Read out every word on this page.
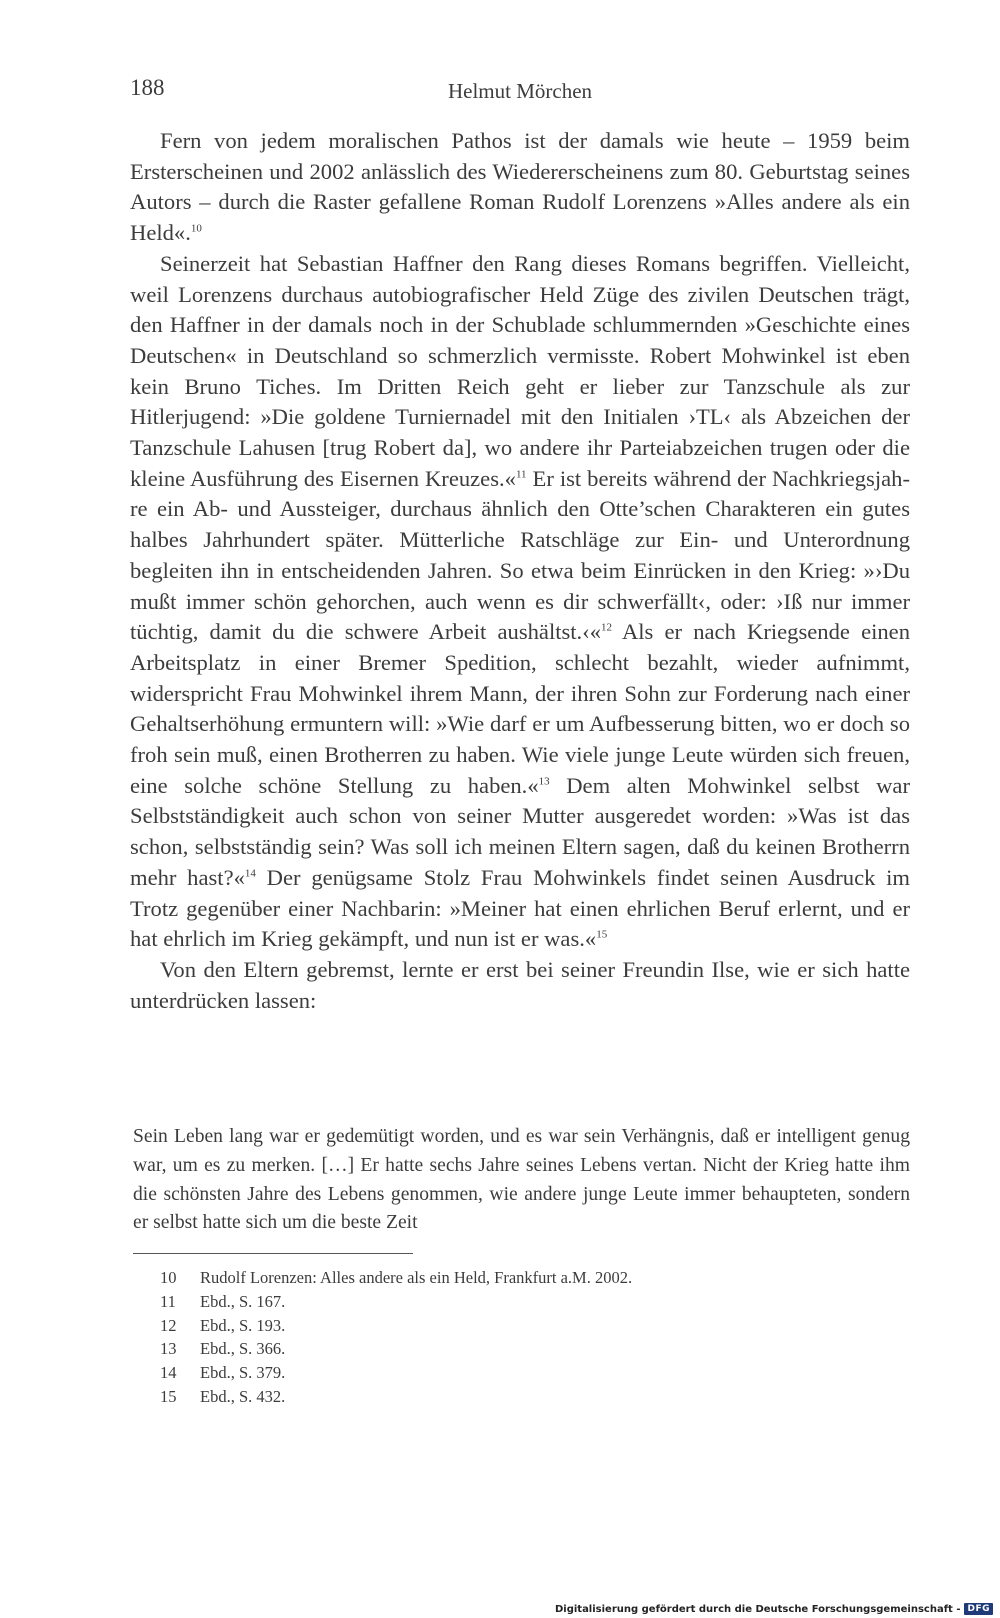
188	Helmut Mörchen

Fern von jedem moralischen Pathos ist der damals wie heute – 1959 beim Ersterscheinen und 2002 anlässlich des Wiedererscheinens zum 80. Geburtstag seines Autors – durch die Raster gefallene Roman Rudolf Lorenzens »Alles andere als ein Held«.$^{10}$

Seinerzeit hat Sebastian Haffner den Rang dieses Romans begriffen. Vielleicht, weil Lorenzens durchaus autobiografischer Held Züge des zivilen Deutschen trägt, den Haffner in der damals noch in der Schublade schlummernden »Geschichte eines Deutschen« in Deutschland so schmerzlich vermisste. Robert Mohwinkel ist eben kein Bruno Tiches. Im Dritten Reich geht er lieber zur Tanzschule als zur Hitlerjugend: »Die goldene Turniernadel mit den Initialen ›TL‹ als Abzeichen der Tanzschule Lahusen [trug Robert da], wo andere ihr Parteiabzeichen trugen oder die kleine Ausführung des Eisernen Kreuzes.«$^{11}$ Er ist bereits während der Nachkriegsjahre ein Ab- und Aussteiger, durchaus ähnlich den Otte’schen Charakteren ein gutes halbes Jahrhundert später. Mütterliche Ratschläge zur Ein- und Unterordnung begleiten ihn in entscheidenden Jahren. So etwa beim Einrücken in den Krieg: »›Du mußt immer schön gehorchen, auch wenn es dir schwerfällt‹, oder: ›Iß nur immer tüchtig, damit du die schwere Arbeit aushältst.‹«$^{12}$ Als er nach Kriegsende einen Arbeitsplatz in einer Bremer Spedition, schlecht bezahlt, wieder aufnimmt, widerspricht Frau Mohwinkel ihrem Mann, der ihren Sohn zur Forderung nach einer Gehaltserhöhung ermuntern will: »Wie darf er um Aufbesserung bitten, wo er doch so froh sein muß, einen Brotherren zu haben. Wie viele junge Leute würden sich freuen, eine solche schöne Stellung zu haben.«$^{13}$ Dem alten Mohwinkel selbst war Selbstständigkeit auch schon von seiner Mutter ausgeredet worden: »Was ist das schon, selbstständig sein? Was soll ich meinen Eltern sagen, daß du keinen Brotherrn mehr hast?«$^{14}$ Der genügsame Stolz Frau Mohwinkels findet seinen Ausdruck im Trotz gegenüber einer Nachbarin: »Meiner hat einen ehrlichen Beruf erlernt, und er hat ehrlich im Krieg gekämpft, und nun ist er was.«$^{15}$

Von den Eltern gebremst, lernte er erst bei seiner Freundin Ilse, wie er sich hatte unterdrücken lassen:

Sein Leben lang war er gedemütigt worden, und es war sein Verhängnis, daß er intelligent genug war, um es zu merken. […] Er hatte sechs Jahre seines Lebens vertan. Nicht der Krieg hatte ihm die schönsten Jahre des Lebens genommen, wie andere junge Leute immer behaupteten, sondern er selbst hatte sich um die beste Zeit

10	Rudolf Lorenzen: Alles andere als ein Held, Frankfurt a.M. 2002.
11	Ebd., S. 167.
12	Ebd., S. 193.
13	Ebd., S. 366.
14	Ebd., S. 379.
15	Ebd., S. 432.
Digitalisierung gefördert durch die Deutsche Forschungsgemeinschaft - DFG
